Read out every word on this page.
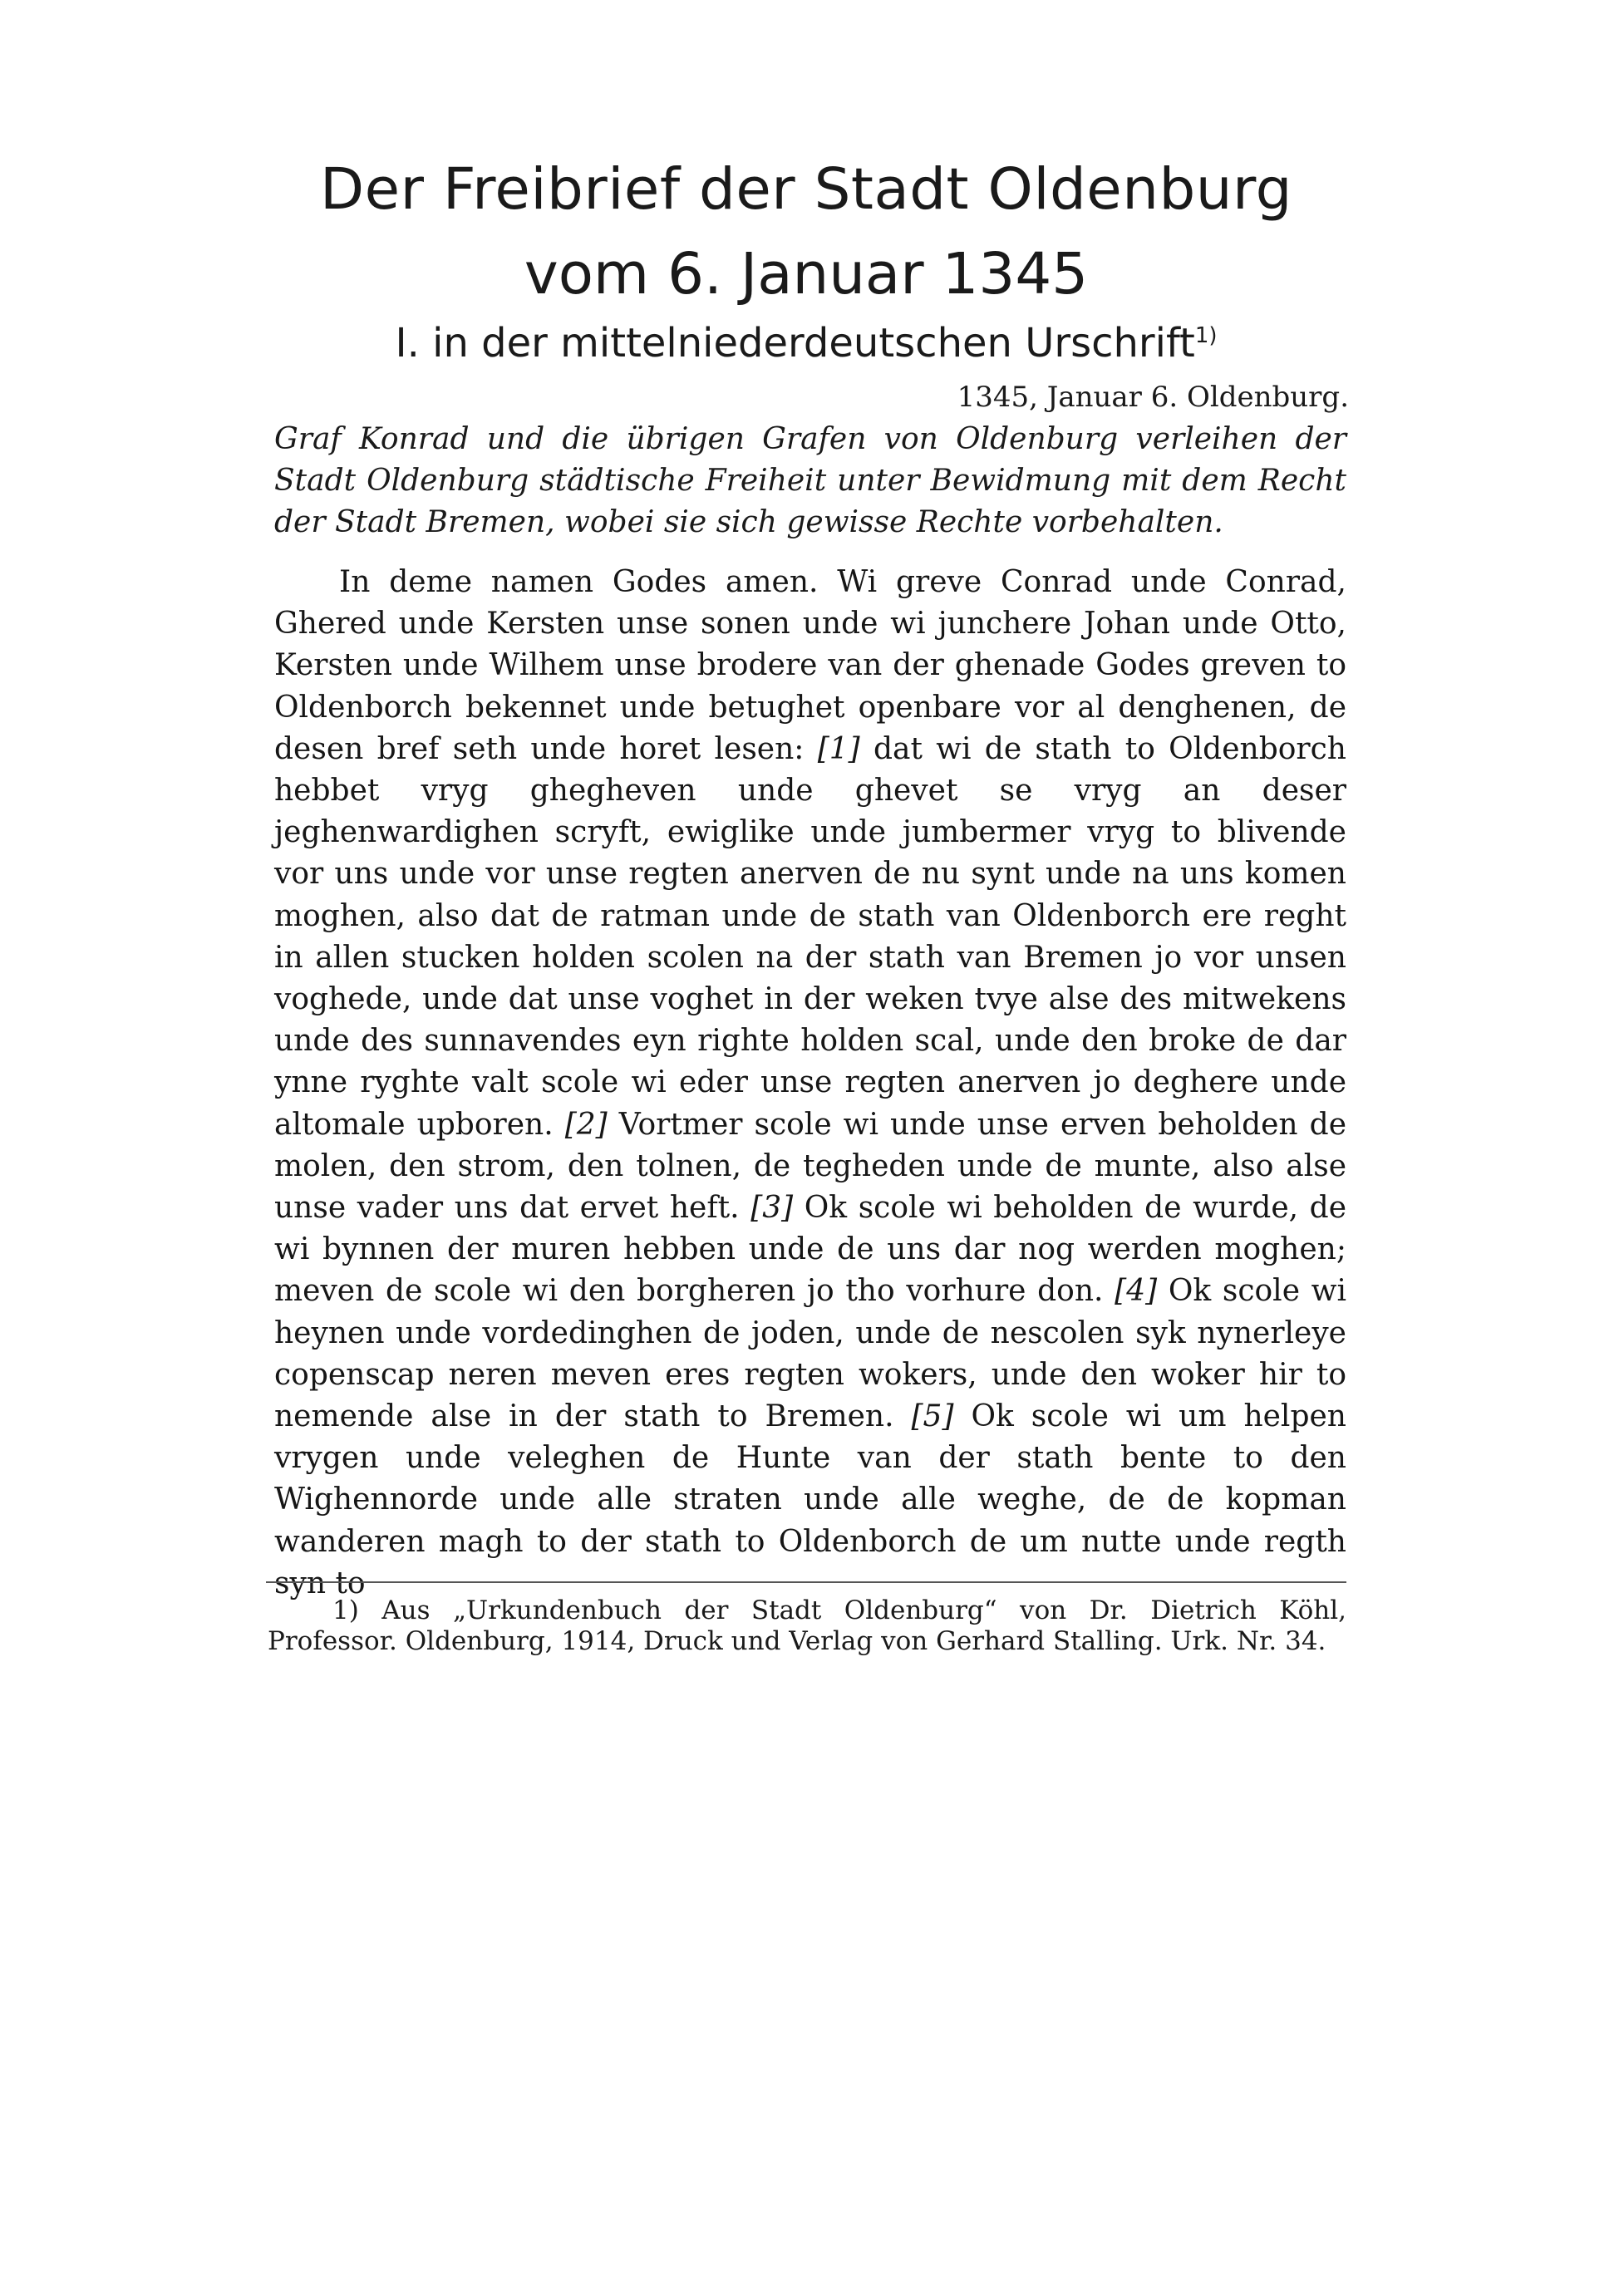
Der Freibrief der Stadt Oldenburg
vom 6. Januar 1345
I. in der mittelniederdeutschen Urschrift$^{1)}$
1345, Januar 6. Oldenburg.

Graf Konrad und die übrigen Grafen von Oldenburg verleihen der Stadt Oldenburg städtische Freiheit unter Bewidmung mit dem Recht der Stadt Bremen, wobei sie sich gewisse Rechte vorbehalten.

In deme namen Godes amen. Wi greve Conrad unde Conrad, Ghered unde Kersten unse sonen unde wi junchere Johan unde Otto, Kersten unde Wilhem unse brodere van der ghenade Godes greven to Oldenborch bekennet unde betughet openbare vor al denghenen, de desen bref seth unde horet lesen: [1] dat wi de stath to Oldenborch hebbet vryg ghegheven unde ghevet se vryg an deser jeghenwardighen scryft, ewiglike unde jumbermer vryg to blivende vor uns unde vor unse regten anerven de nu synt unde na uns komen moghen, also dat de ratman unde de stath van Oldenborch ere reght in allen stucken holden scolen na der stath van Bremen jo vor unsen voghede, unde dat unse voghet in der weken tvye alse des mitwekens unde des sunnavendes eyn righte holden scal, unde den broke de dar ynne ryghte valt scole wi eder unse regten anerven jo deghere unde altomale upboren. [2] Vortmer scole wi unde unse erven beholden de molen, den strom, den tolnen, de tegheden unde de munte, also alse unse vader uns dat ervet heft. [3] Ok scole wi beholden de wurde, de wi bynnen der muren hebben unde de uns dar nog werden moghen; meven de scole wi den borgheren jo tho vorhure don. [4] Ok scole wi heynen unde vordedinghen de joden, unde de nescolen syk nynerleye copenscap neren meven eres regten wokers, unde den woker hir to nemende alse in der stath to Bremen. [5] Ok scole wi um helpen vrygen unde veleghen de Hunte van der stath bente to den Wighennorde unde alle straten unde alle weghe, de de kopman wanderen magh to der stath to Oldenborch de um nutte unde regth syn to

1) Aus „Urkundenbuch der Stadt Oldenburg“ von Dr. Dietrich Köhl, Professor. Oldenburg, 1914, Druck und Verlag von Gerhard Stalling. Urk. Nr. 34.
